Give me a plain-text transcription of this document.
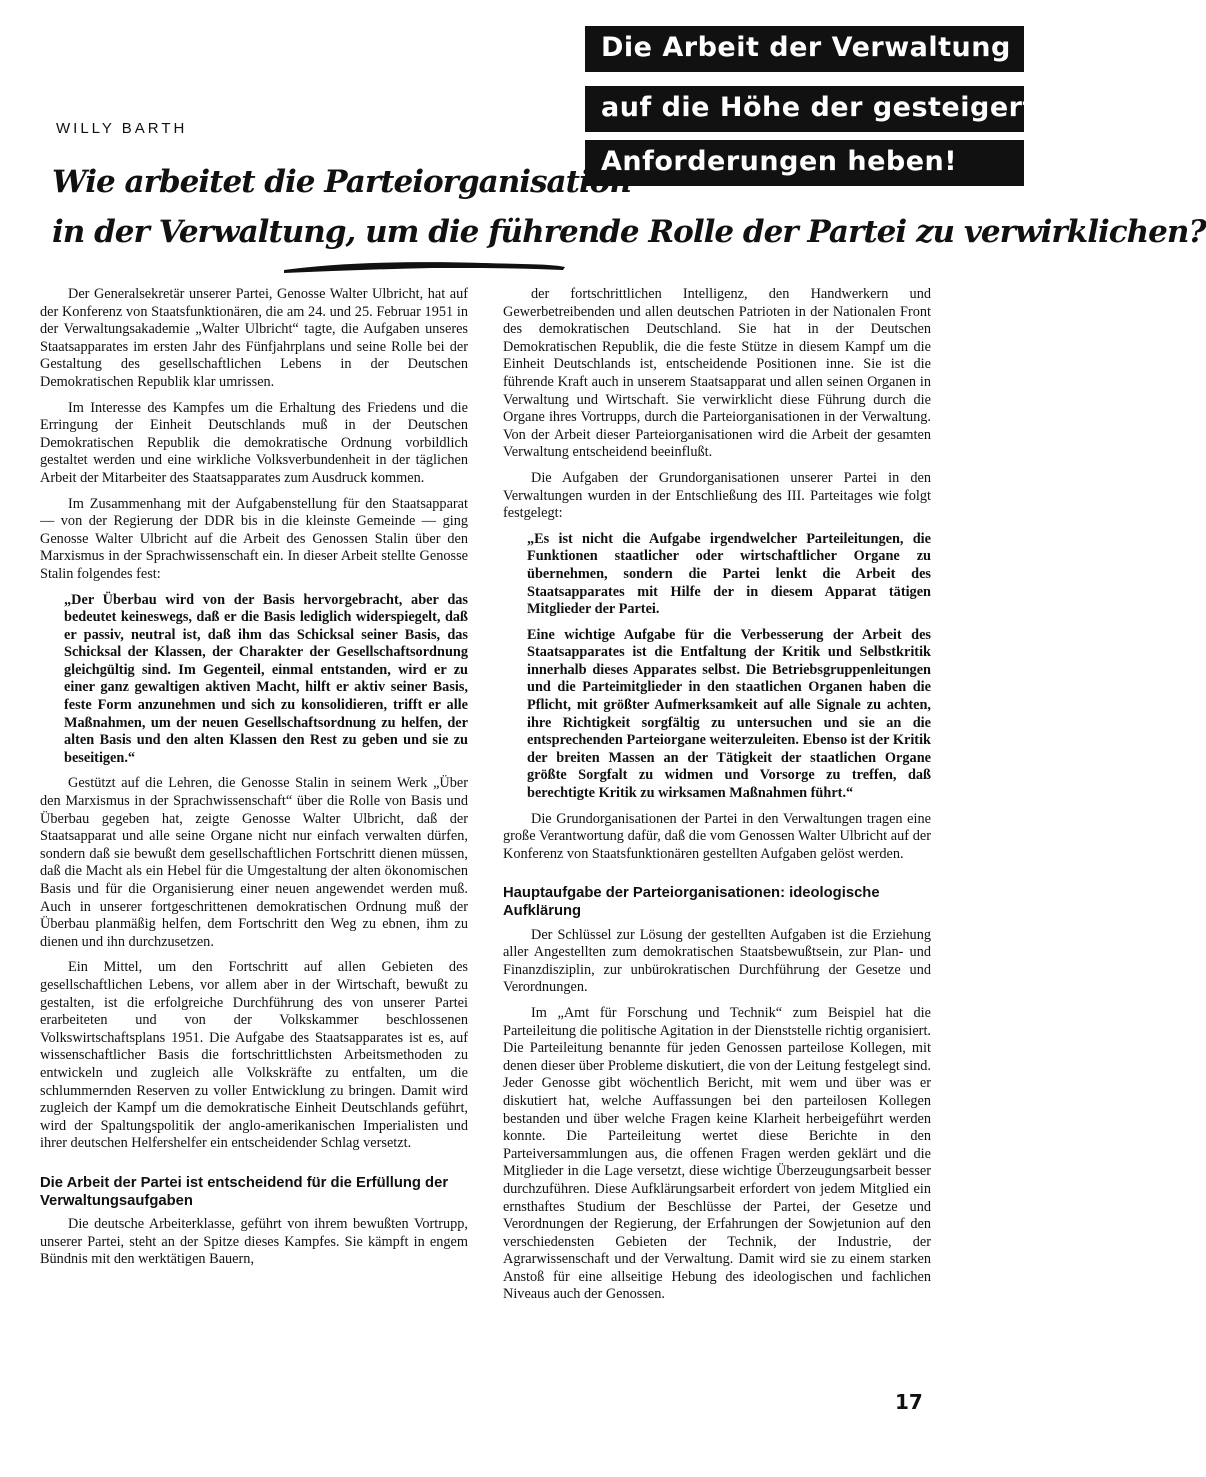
Die Arbeit der Verwaltung
auf die Höhe der gesteigerten
Anforderungen heben!
WILLY BARTH
Wie arbeitet die Parteiorganisation
in der Verwaltung, um die führende Rolle der Partei zu verwirklichen?

Der Generalsekretär unserer Partei, Genosse Walter Ulbricht, hat auf der Konferenz von Staatsfunktionären, die am 24. und 25. Februar 1951 in der Verwaltungsakademie „Walter Ulbricht“ tagte, die Aufgaben unseres Staatsapparates im ersten Jahr des Fünfjahrplans und seine Rolle bei der Gestaltung des gesellschaftlichen Lebens in der Deutschen Demokratischen Republik klar umrissen.

Im Interesse des Kampfes um die Erhaltung des Friedens und die Erringung der Einheit Deutschlands muß in der Deutschen Demokratischen Republik die demokratische Ordnung vorbildlich gestaltet werden und eine wirkliche Volksverbundenheit in der täglichen Arbeit der Mitarbeiter des Staatsapparates zum Ausdruck kommen.

Im Zusammenhang mit der Aufgabenstellung für den Staatsapparat — von der Regierung der DDR bis in die kleinste Gemeinde — ging Genosse Walter Ulbricht auf die Arbeit des Genossen Stalin über den Marxismus in der Sprachwissenschaft ein. In dieser Arbeit stellte Genosse Stalin folgendes fest:

„Der Überbau wird von der Basis hervorgebracht, aber das bedeutet keineswegs, daß er die Basis lediglich widerspiegelt, daß er passiv, neutral ist, daß ihm das Schicksal seiner Basis, das Schicksal der Klassen, der Charakter der Gesellschaftsordnung gleichgültig sind. Im Gegenteil, einmal entstanden, wird er zu einer ganz gewaltigen aktiven Macht, hilft er aktiv seiner Basis, feste Form anzunehmen und sich zu konsolidieren, trifft er alle Maßnahmen, um der neuen Gesellschaftsordnung zu helfen, der alten Basis und den alten Klassen den Rest zu geben und sie zu beseitigen.“

Gestützt auf die Lehren, die Genosse Stalin in seinem Werk „Über den Marxismus in der Sprachwissenschaft“ über die Rolle von Basis und Überbau gegeben hat, zeigte Genosse Walter Ulbricht, daß der Staatsapparat und alle seine Organe nicht nur einfach verwalten dürfen, sondern daß sie bewußt dem gesellschaftlichen Fortschritt dienen müssen, daß die Macht als ein Hebel für die Umgestaltung der alten ökonomischen Basis und für die Organisierung einer neuen angewendet werden muß. Auch in unserer fortgeschrittenen demokratischen Ordnung muß der Überbau planmäßig helfen, dem Fortschritt den Weg zu ebnen, ihm zu dienen und ihn durchzusetzen.

Ein Mittel, um den Fortschritt auf allen Gebieten des gesellschaftlichen Lebens, vor allem aber in der Wirtschaft, bewußt zu gestalten, ist die erfolgreiche Durchführung des von unserer Partei erarbeiteten und von der Volkskammer beschlossenen Volkswirtschaftsplans 1951. Die Aufgabe des Staatsapparates ist es, auf wissenschaftlicher Basis die fortschrittlichsten Arbeitsmethoden zu entwickeln und zugleich alle Volkskräfte zu entfalten, um die schlummernden Reserven zu voller Entwicklung zu bringen. Damit wird zugleich der Kampf um die demokratische Einheit Deutschlands geführt, wird der Spaltungspolitik der anglo-amerikanischen Imperialisten und ihrer deutschen Helfershelfer ein entscheidender Schlag versetzt.

Die Arbeit der Partei ist entscheidend für die Erfüllung der Verwaltungsaufgaben

Die deutsche Arbeiterklasse, geführt von ihrem bewußten Vortrupp, unserer Partei, steht an der Spitze dieses Kampfes. Sie kämpft in engem Bündnis mit den werktätigen Bauern,

der fortschrittlichen Intelligenz, den Handwerkern und Gewerbetreibenden und allen deutschen Patrioten in der Nationalen Front des demokratischen Deutschland. Sie hat in der Deutschen Demokratischen Republik, die die feste Stütze in diesem Kampf um die Einheit Deutschlands ist, entscheidende Positionen inne. Sie ist die führende Kraft auch in unserem Staatsapparat und allen seinen Organen in Verwaltung und Wirtschaft. Sie verwirklicht diese Führung durch die Organe ihres Vortrupps, durch die Parteiorganisationen in der Verwaltung. Von der Arbeit dieser Parteiorganisationen wird die Arbeit der gesamten Verwaltung entscheidend beeinflußt.

Die Aufgaben der Grundorganisationen unserer Partei in den Verwaltungen wurden in der Entschließung des III. Parteitages wie folgt festgelegt:

„Es ist nicht die Aufgabe irgendwelcher Parteileitungen, die Funktionen staatlicher oder wirtschaftlicher Organe zu übernehmen, sondern die Partei lenkt die Arbeit des Staatsapparates mit Hilfe der in diesem Apparat tätigen Mitglieder der Partei.

Eine wichtige Aufgabe für die Verbesserung der Arbeit des Staatsapparates ist die Entfaltung der Kritik und Selbstkritik innerhalb dieses Apparates selbst. Die Betriebsgruppenleitungen und die Parteimitglieder in den staatlichen Organen haben die Pflicht, mit größter Aufmerksamkeit auf alle Signale zu achten, ihre Richtigkeit sorgfältig zu untersuchen und sie an die entsprechenden Parteiorgane weiterzuleiten. Ebenso ist der Kritik der breiten Massen an der Tätigkeit der staatlichen Organe größte Sorgfalt zu widmen und Vorsorge zu treffen, daß berechtigte Kritik zu wirksamen Maßnahmen führt.“

Die Grundorganisationen der Partei in den Verwaltungen tragen eine große Verantwortung dafür, daß die vom Genossen Walter Ulbricht auf der Konferenz von Staatsfunktionären gestellten Aufgaben gelöst werden.

Hauptaufgabe der Parteiorganisationen: ideologische Aufklärung

Der Schlüssel zur Lösung der gestellten Aufgaben ist die Erziehung aller Angestellten zum demokratischen Staatsbewußtsein, zur Plan- und Finanzdisziplin, zur unbürokratischen Durchführung der Gesetze und Verordnungen.

Im „Amt für Forschung und Technik“ zum Beispiel hat die Parteileitung die politische Agitation in der Dienststelle richtig organisiert. Die Parteileitung benannte für jeden Genossen parteilose Kollegen, mit denen dieser über Probleme diskutiert, die von der Leitung festgelegt sind. Jeder Genosse gibt wöchentlich Bericht, mit wem und über was er diskutiert hat, welche Auffassungen bei den parteilosen Kollegen bestanden und über welche Fragen keine Klarheit herbeigeführt werden konnte. Die Parteileitung wertet diese Berichte in den Parteiversammlungen aus, die offenen Fragen werden geklärt und die Mitglieder in die Lage versetzt, diese wichtige Überzeugungsarbeit besser durchzuführen. Diese Aufklärungsarbeit erfordert von jedem Mitglied ein ernsthaftes Studium der Beschlüsse der Partei, der Gesetze und Verordnungen der Regierung, der Erfahrungen der Sowjetunion auf den verschiedensten Gebieten der Technik, der Industrie, der Agrarwissenschaft und der Verwaltung. Damit wird sie zu einem starken Anstoß für eine allseitige Hebung des ideologischen und fachlichen Niveaus auch der Genossen.

17
